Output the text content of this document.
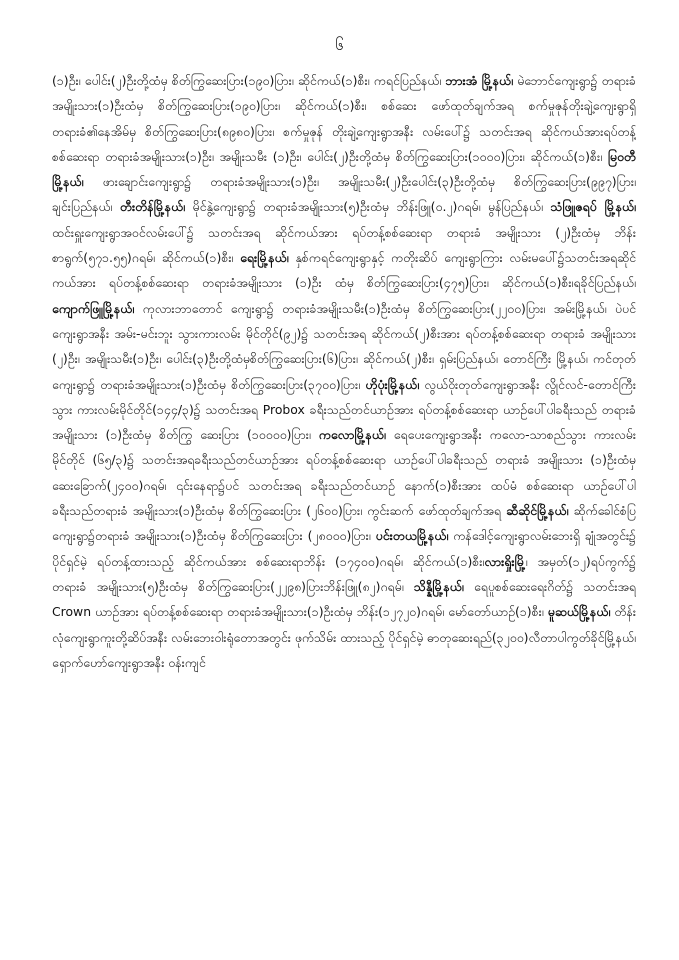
၆
(၁)ဦး၊ ပေါင်း(၂)ဦးတို့ထံမှ စိတ်ကြွဆေးပြား(၁၉၀)ပြား၊ ဆိုင်ကယ်(၁)စီး၊ ကရင်ပြည်နယ်၊ ဘားအံ မြို့နယ်၊ မဲဘောင်ကျေးရွာ၌ တရားခံအမျိုးသား(၁)ဦးထံမှ စိတ်ကြွဆေးပြား(၁၉၀)ပြား၊ ဆိုင်ကယ်(၁)စီး၊ စစ်ဆေး ဖော်ထုတ်ချက်အရ စက်မှုဇုန်တိုးချဲ့ကျေးရွာရှိ တရားခံ၏နေအိမ်မှ စိတ်ကြွဆေးပြား(၈၉၈၀)ပြား၊ စက်မှုဇုန် တိုးချဲ့ကျေးရွာအနီး လမ်းပေါ်၌ သတင်းအရ ဆိုင်ကယ်အားရပ်တန့်စစ်ဆေးရာ တရားခံအမျိုးသား(၁)ဦး၊ အမျိုးသမီး (၁)ဦး၊ ပေါင်း(၂)ဦးတို့ထံမှ စိတ်ကြွဆေးပြား(၁၀၀၀)ပြား၊ ဆိုင်ကယ်(၁)စီး၊ မြဝတီမြို့နယ်၊ ဖားချောင်းကျေးရွာ၌ တရားခံအမျိုးသား(၁)ဦး၊ အမျိုးသမီး(၂)ဦးပေါင်း(၃)ဦးတို့ထံမှ စိတ်ကြွဆေးပြား(၉၉၇)ပြား၊ ချင်းပြည်နယ်၊ တီးတိန်မြို့နယ်၊ မိုင်နွဲ့ကျေးရွာ၌ တရားခံအမျိုးသား(၅)ဦးထံမှ ဘိန်းဖြူ(၀.၂)ဂရမ်၊ မွန်ပြည်နယ်၊ သံဖြူဇရပ် မြို့နယ်၊ ထင်းရှူးကျေးရွာအဝင်လမ်းပေါ်၌ သတင်းအရ ဆိုင်ကယ်အား ရပ်တန့်စစ်ဆေးရာ တရားခံ အမျိုးသား (၂)ဦးထံမှ ဘိန်းစာရွက်(၅၇၁.၅၅)ဂရမ်၊ ဆိုင်ကယ်(၁)စီး၊ ရေးမြို့နယ်၊ နှစ်ကရင်ကျေးရွာနှင့် ကတိုးဆိပ် ကျေးရွာကြား လမ်းမပေါ်၌သတင်းအရဆိုင်ကယ်အား ရပ်တန့်စစ်ဆေးရာ တရားခံအမျိုးသား (၁)ဦး ထံမှ စိတ်ကြွဆေးပြား(၄၇၅)ပြား၊ ဆိုင်ကယ်(၁)စီး၊ရခိုင်ပြည်နယ်၊ ကျောက်ဖြူမြို့နယ်၊ ကုလားဘာတောင် ကျေးရွာ၌ တရားခံအမျိုးသမီး(၁)ဦးထံမှ စိတ်ကြွဆေးပြား(၂၂၀၀)ပြား၊ အမ်းမြို့နယ်၊ ပဲပင်ကျေးရွာအနီး အမ်း-မင်းဘူး သွားကားလမ်း မိုင်တိုင်(၉၂)၌ သတင်းအရ ဆိုင်ကယ်(၂)စီးအား ရပ်တန့်စစ်ဆေးရာ တရားခံ အမျိုးသား (၂)ဦး၊ အမျိုးသမီး(၁)ဦး၊ ပေါင်း(၃)ဦးတို့ထံမှစိတ်ကြွဆေးပြား(၆)ပြား၊ ဆိုင်ကယ်(၂)စီး၊ ရှမ်းပြည်နယ်၊ တောင်ကြီး မြို့နယ်၊ ကင်တုတ်ကျေးရွာ၌ တရားခံအမျိုးသား(၁)ဦးထံမှ စိတ်ကြွဆေးပြား(၃၇၀၀)ပြား၊ ဟိုပုံးမြို့နယ်၊ လွယ်ဝိုးတုတ်ကျေးရွာအနီး လွိုင်လင်-တောင်ကြီးသွား ကားလမ်းမိုင်တိုင်(၁၄၄/၃)၌ သတင်းအရ Probox ခရီးသည်တင်ယာဉ်အား ရပ်တန့်စစ်ဆေးရာ ယာဉ်ပေါ်ပါခရီးသည် တရားခံအမျိုးသား (၁)ဦးထံမှ စိတ်ကြွ ဆေးပြား (၁၀၀၀၀)ပြား၊ ကလောမြို့နယ်၊ ရေပေးကျေးရွာအနီး ကလော-သာစည်သွား ကားလမ်း မိုင်တိုင် (၆၅/၃)၌ သတင်းအရခရီးသည်တင်ယာဉ်အား ရပ်တန့်စစ်ဆေးရာ ယာဉ်ပေါ်ပါခရီးသည် တရားခံ အမျိုးသား (၁)ဦးထံမှ ဆေးခြောက်(၂၄၀၀)ဂရမ်၊ ၎င်းနေရာ၌ပင် သတင်းအရ ခရီးသည်တင်ယာဉ် နောက်(၁)စီးအား ထပ်မံ စစ်ဆေးရာ ယာဉ်ပေါ်ပါခရီးသည်တရားခံ အမျိုးသား(၁)ဦးထံမှ စိတ်ကြွဆေးပြား (၂၆၀၀)ပြား၊ ကွင်းဆက် ဖော်ထုတ်ချက်အရ ဆီဆိုင်မြို့နယ်၊ ဆိုက်ခေါင်စံပြကျေးရွာ၌တရားခံ အမျိုးသား(၁)ဦးထံမှ စိတ်ကြွဆေးပြား (၂၈၀၀၀)ပြား၊ ပင်းတယမြို့နယ်၊ ကန်ဒေါင့်ကျေးရွာလမ်းဘေးရှိ ချုံအတွင်း၌ ပိုင်ရှင်မဲ့ ရပ်တန့်ထားသည့် ဆိုင်ကယ်အား စစ်ဆေးရာဘိန်း (၁၇၄၀၀)ဂရမ်၊ ဆိုင်ကယ်(၁)စီး၊လားရှိုးမြို့၊ အမှတ်(၁၂)ရပ်ကွက်၌ တရားခံ အမျိုးသား(၅)ဦးထံမှ စိတ်ကြွဆေးပြား(၂၂၉၈)ပြားဘိန်းဖြူ(၈၂)ဂရမ်၊ သိန္နီမြို့နယ်၊ ရေပူစစ်ဆေးရေးဂိတ်၌ သတင်းအရ Crown ယာဉ်အား ရပ်တန့်စစ်ဆေးရာ တရားခံအမျိုးသား(၁)ဦးထံမှ ဘိန်း(၁၂၇၂၀)ဂရမ်၊ မော်တော်ယာဉ်(၁)စီး၊ မူဆယ်မြို့နယ်၊ တိန်းလုံကျေးရွာကူးတို့ဆိပ်အနီး လမ်းဘေးဝါးရုံတောအတွင်း ဖုက်သိမ်း ထားသည့် ပိုင်ရှင်မဲ့ ဓာတုဆေးရည်(၃၂၀၀)လီတာပါကွတ်ခိုင်မြို့နယ်၊ ရှောက်ဟော်ကျေးရွာအနီး ဝန်းကျင်
